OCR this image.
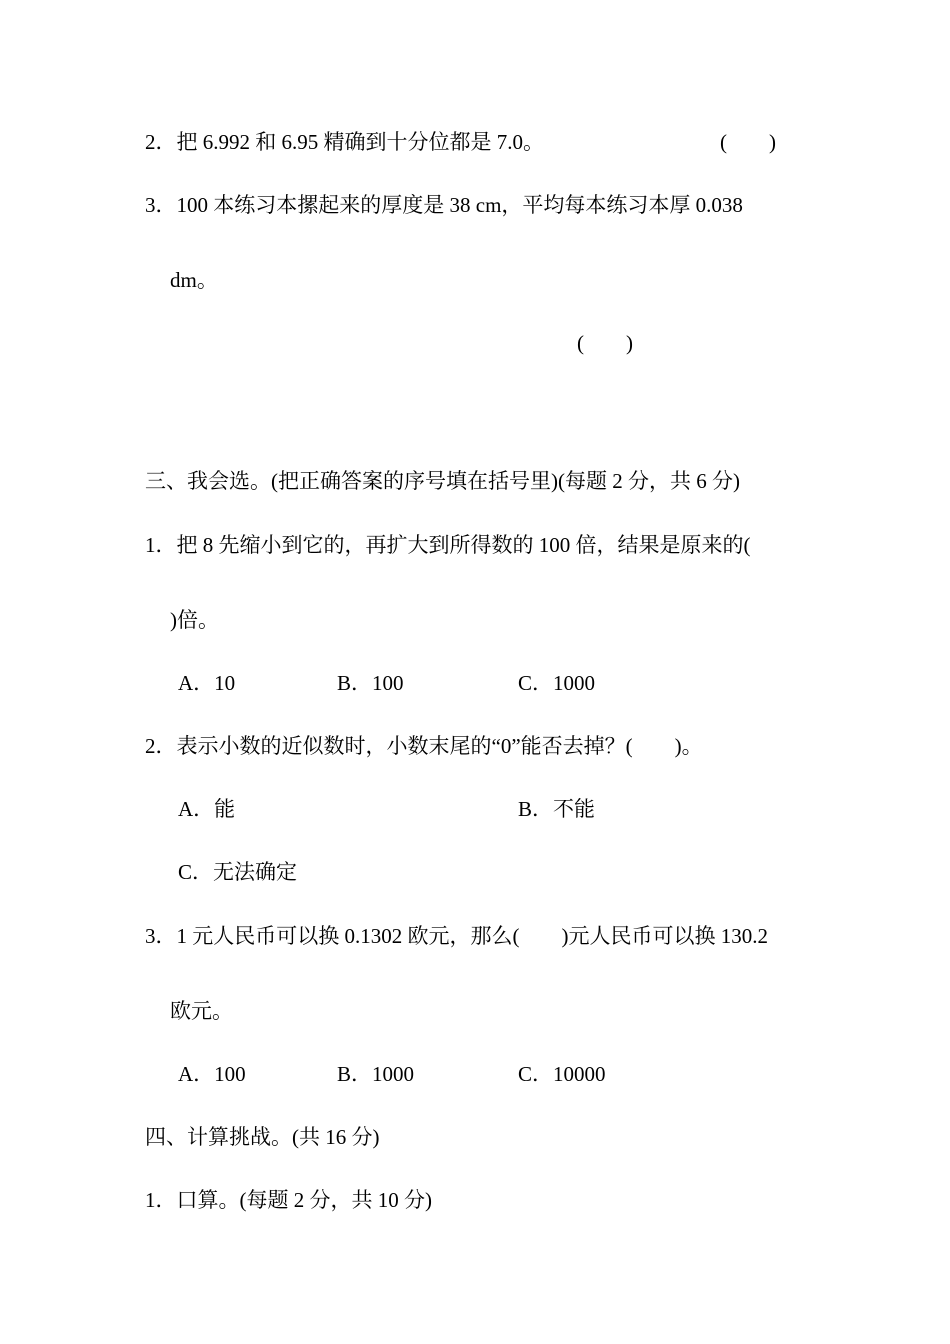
2．把 6.992 和 6.95 精确到十分位都是 7.0。	(　　)
3．100 本练习本摞起来的厚度是 38 cm，平均每本练习本厚 0.038
dm。
(　　)
三、我会选。(把正确答案的序号填在括号里)(每题 2 分，共 6 分)
1．把 8 先缩小到它的，再扩大到所得数的 100 倍，结果是原来的(
)倍。
A．10	B．100	C．1000
2．表示小数的近似数时，小数末尾的“0”能否去掉？(　　)。
A．能	B．不能
C．无法确定
3．1 元人民币可以换 0.1302 欧元，那么(　　)元人民币可以换 130.2
欧元。
A．100	B．1000	C．10000
四、计算挑战。(共 16 分)
1．口算。(每题 2 分，共 10 分)
